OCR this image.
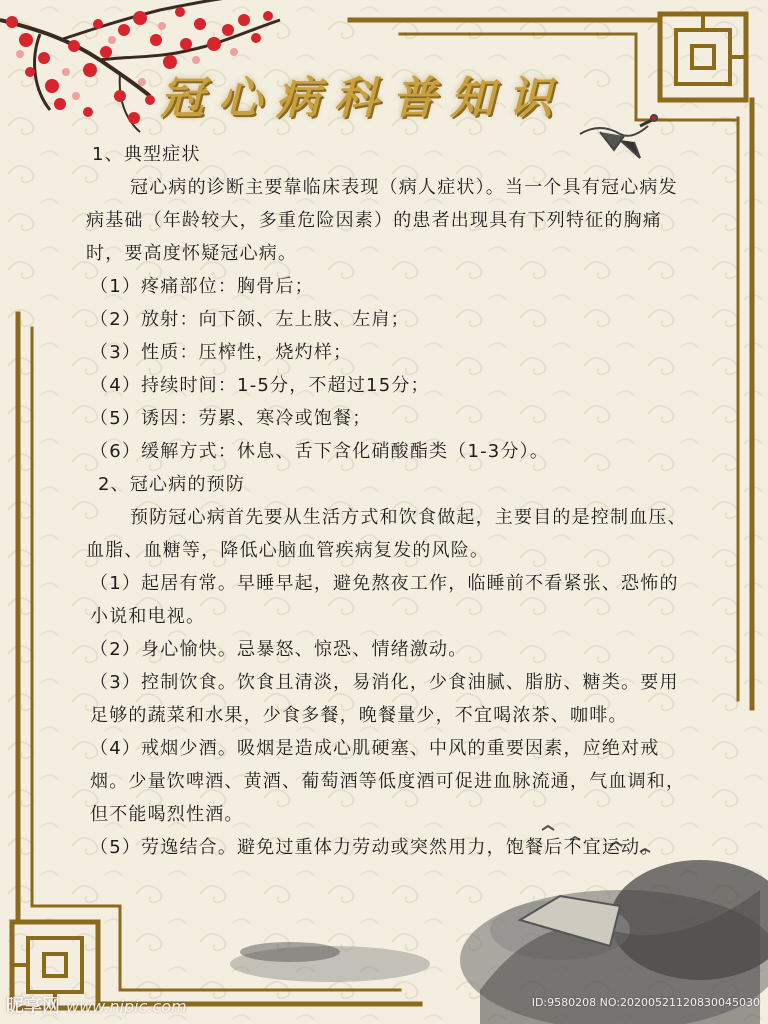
冠心病科普知识

1、典型症状

冠心病的诊断主要靠临床表现（病人症状）。当一个具有冠心病发病基础（年龄较大，多重危险因素）的患者出现具有下列特征的胸痛时，要高度怀疑冠心病。

（1）疼痛部位：胸骨后；

（2）放射：向下颌、左上肢、左肩；

（3）性质：压榨性，烧灼样；

（4）持续时间：1-5分，不超过15分；

（5）诱因：劳累、寒冷或饱餐；

（6）缓解方式：休息、舌下含化硝酸酯类（1-3分）。

2、冠心病的预防

预防冠心病首先要从生活方式和饮食做起，主要目的是控制血压、血脂、血糖等，降低心脑血管疾病复发的风险。

（1）起居有常。早睡早起，避免熬夜工作，临睡前不看紧张、恐怖的小说和电视。

（2）身心愉快。忌暴怒、惊恐、情绪激动。

（3）控制饮食。饮食且清淡，易消化，少食油腻、脂肪、糖类。要用足够的蔬菜和水果，少食多餐，晚餐量少，不宜喝浓茶、咖啡。

（4）戒烟少酒。吸烟是造成心肌硬塞、中风的重要因素，应绝对戒烟。少量饮啤酒、黄酒、葡萄酒等低度酒可促进血脉流通，气血调和，但不能喝烈性酒。

（5）劳逸结合。避免过重体力劳动或突然用力，饱餐后不宜运动。

昵享网 www.nipic.com	ID:9580208 NO:20200521120830045030
